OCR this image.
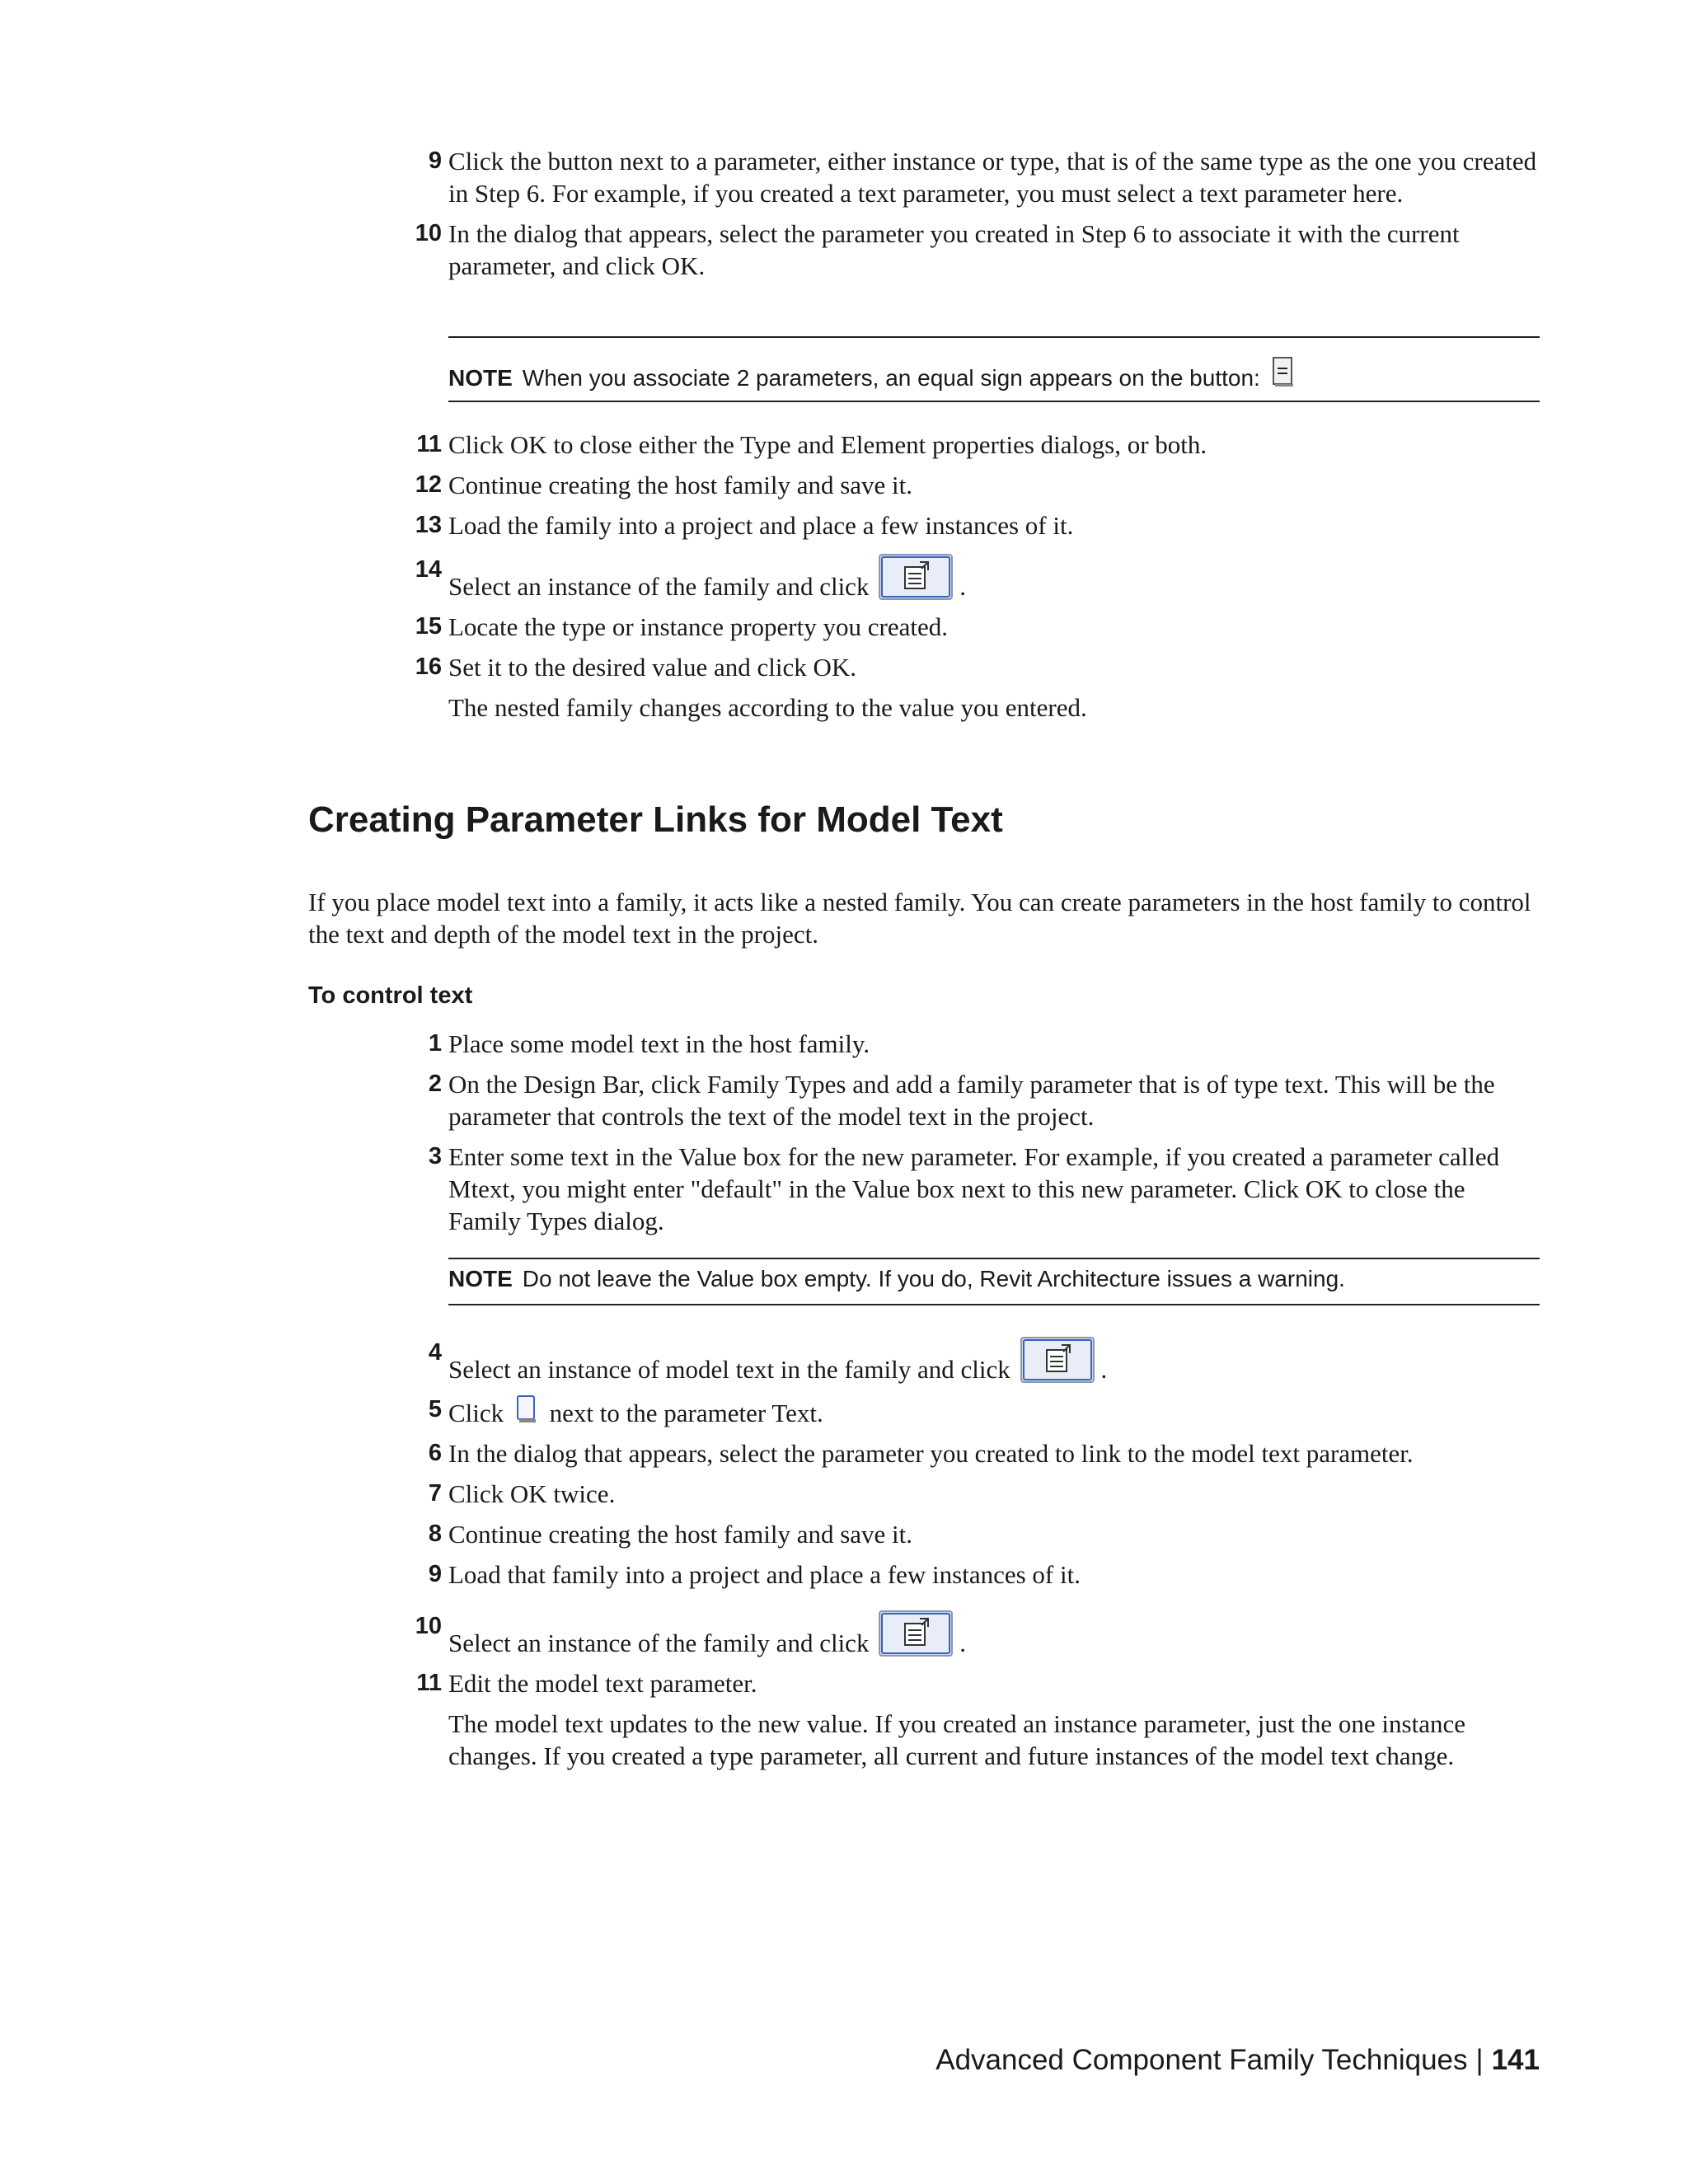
9 Click the button next to a parameter, either instance or type, that is of the same type as the one you created in Step 6. For example, if you created a text parameter, you must select a text parameter here.
10 In the dialog that appears, select the parameter you created in Step 6 to associate it with the current parameter, and click OK.
NOTE When you associate 2 parameters, an equal sign appears on the button:
11 Click OK to close either the Type and Element properties dialogs, or both.
12 Continue creating the host family and save it.
13 Load the family into a project and place a few instances of it.
14
Select an instance of the family and click	.
15 Locate the type or instance property you created.
16 Set it to the desired value and click OK.
The nested family changes according to the value you entered.
Creating Parameter Links for Model Text
If you place model text into a family, it acts like a nested family. You can create parameters in the host family to control the text and depth of the model text in the project.
To control text
1 Place some model text in the host family.
2 On the Design Bar, click Family Types and add a family parameter that is of type text. This will be the parameter that controls the text of the model text in the project.
3 Enter some text in the Value box for the new parameter. For example, if you created a parameter called Mtext, you might enter "default" in the Value box next to this new parameter. Click OK to close the Family Types dialog.
NOTE Do not leave the Value box empty. If you do, Revit Architecture issues a warning.
4
Select an instance of model text in the family and click	.
5 Click next to the parameter Text.
6 In the dialog that appears, select the parameter you created to link to the model text parameter.
7 Click OK twice.
8 Continue creating the host family and save it.
9 Load that family into a project and place a few instances of it.
10
Select an instance of the family and click	.
11 Edit the model text parameter.
The model text updates to the new value. If you created an instance parameter, just the one instance changes. If you created a type parameter, all current and future instances of the model text change.
Advanced Component Family Techniques | 141
